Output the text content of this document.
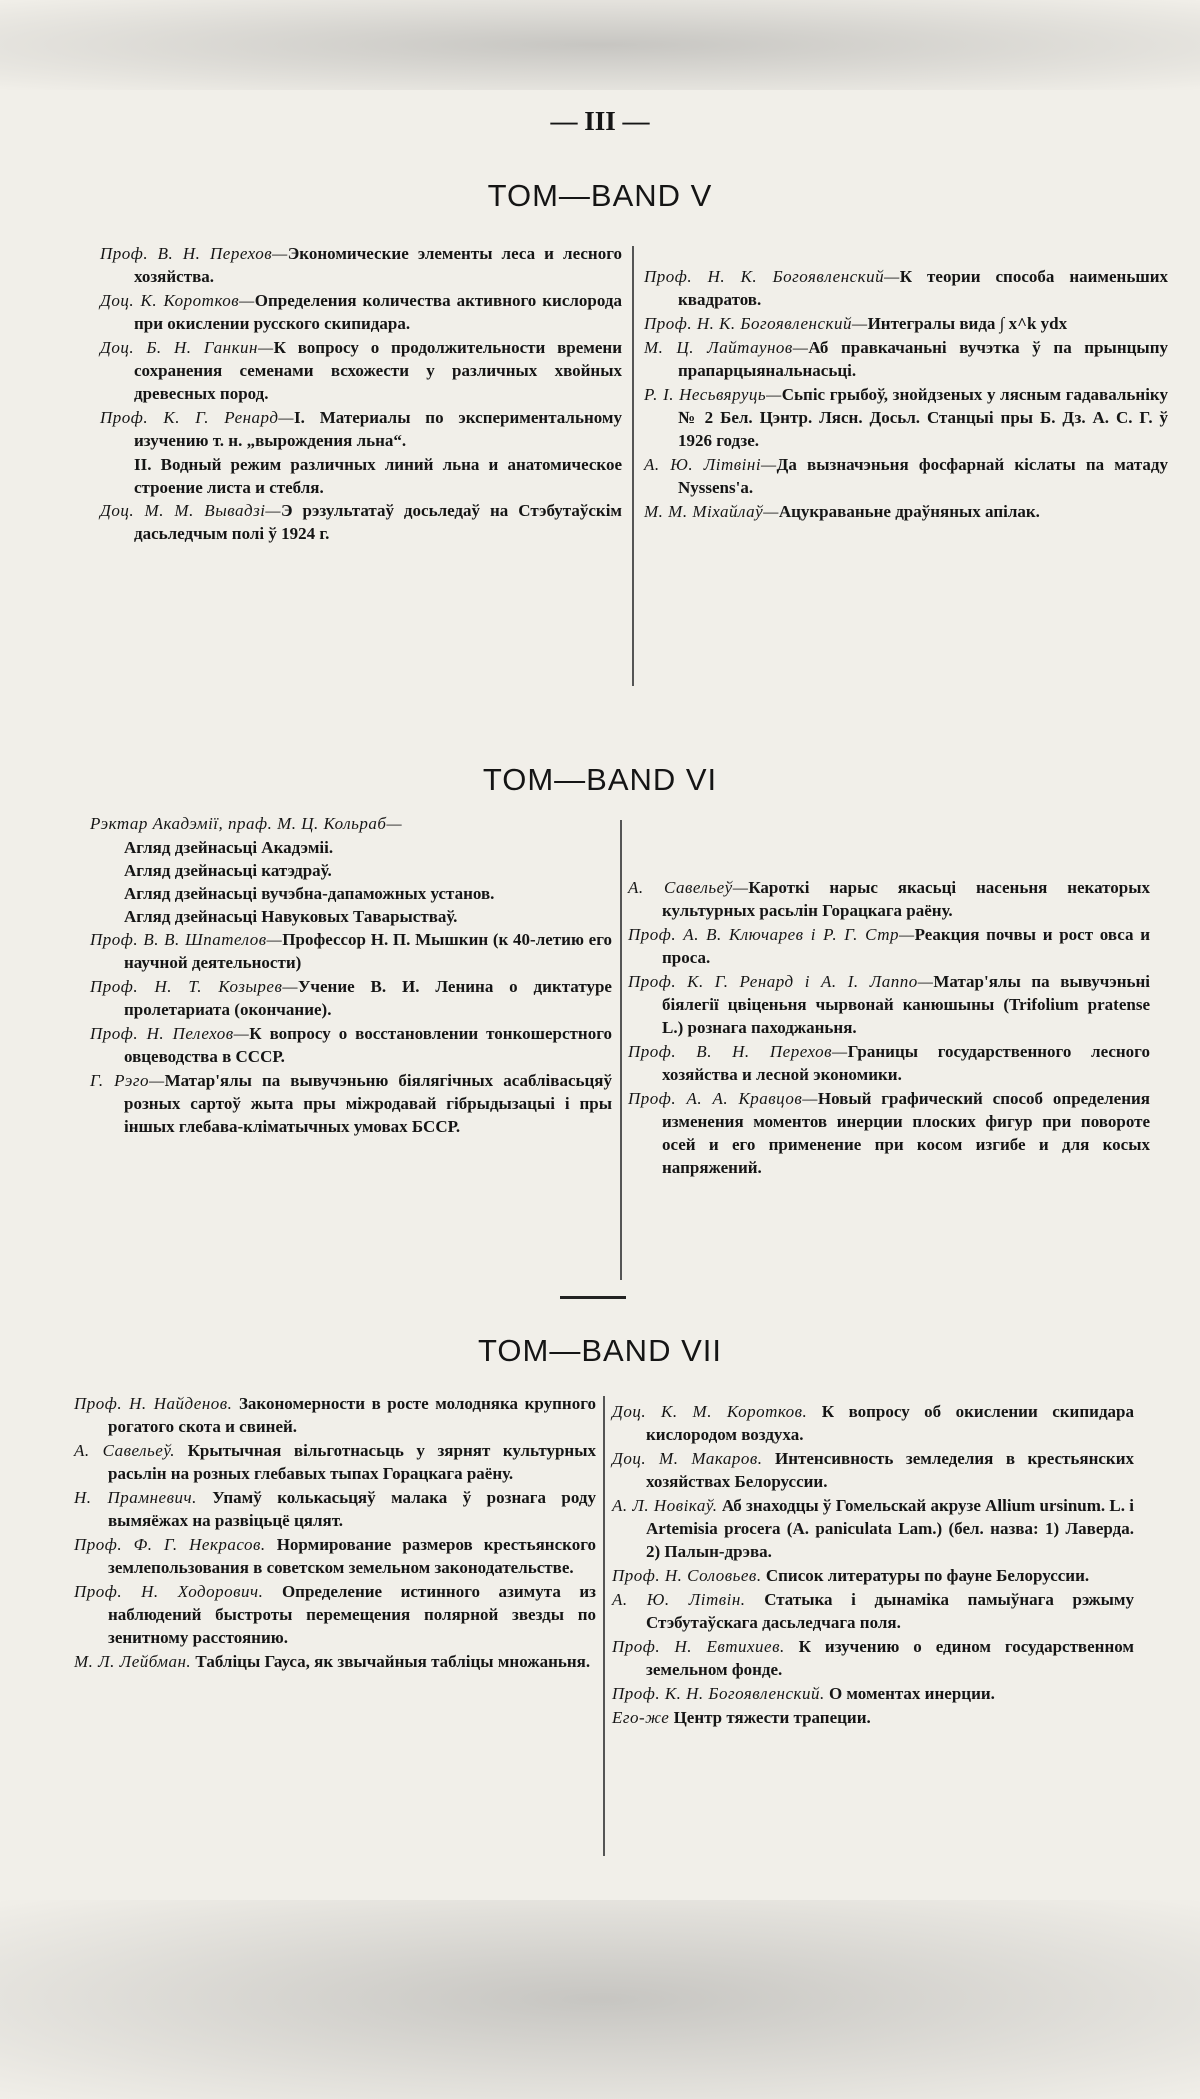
— III —
TOM—BAND V
Проф. В. Н. Перехов—Экономические элементы леса и лесного хозяйства.
Доц. К. Коротков—Определения количества активного кислорода при окислении русского скипидара.
Доц. Б. Н. Ганкин—К вопросу о продолжительности времени сохранения семенами всхожести у различных хвойных древесных пород.
Проф. К. Г. Ренард—I. Материалы по экспериментальному изучению т. н. „вырождения льна“.
II. Водный режим различных линий льна и анатомическое строение листа и стебля.
Доц. М. М. Вывадзі—Э рэзультатаў досьледаў на Стэбутаўскім дасьледчым полі ў 1924 г.
Проф. Н. К. Богоявленский—К теории способа наименьших квадратов.
Проф. Н. К. Богоявленский—Интегралы вида ∫ x^k ydx
М. Ц. Лайтаунов—Аб правкачаньні вучэтка ў па прынцыпу прапарцыянальнасьці.
Р. І. Несьвяруць—Сьпіс грыбоў, знойдзеных у лясным гадавальніку № 2 Бел. Цэнтр. Лясн. Досьл. Станцыі пры Б. Дз. А. С. Г. ў 1926 годзе.
А. Ю. Літвіні—Да вызначэньня фосфарнай кіслаты па матаду Nyssens'a.
М. М. Міхайлаў—Ацукраваньне драўняных апілак.
TOM—BAND VI
Рэктар Акадэмії, праф. М. Ц. Кольраб—
Агляд дзейнасьці Акадэміі.
Агляд дзейнасьці катэдраў.
Агляд дзейнасьці вучэбна-дапаможных установ.
Агляд дзейнасьці Навуковых Таварыстваў.
Проф. В. В. Шпателов—Профессор Н. П. Мышкин (к 40-летию его научной деятельности)
Проф. Н. Т. Козырев—Учение В. И. Ленина о диктатуре пролетариата (окончание).
Проф. Н. Пелехов—К вопросу о восстановлении тонкошерстного овцеводства в СССР.
Г. Рэго—Матар'ялы па вывучэньню біялягічных асаблівасьцяў розных сартоў жыта пры міжродавай гібрыдызацыі і пры іншых глебава-кліматычных умовах БССР.
А. Савельеў—Кароткі нарыс якасьці насеньня некаторых культурных расьлін Горацкага раёну.
Проф. А. В. Ключарев і Р. Г. Стр—Реакция почвы и рост овса и проса.
Проф. К. Г. Ренард і А. І. Лаппо—Матар'ялы па вывучэньні біялегії цвіценьня чырвонай канюшыны (Trifolium pratense L.) рознага паходжаньня.
Проф. В. Н. Перехов—Границы государственного лесного хозяйства и лесной экономики.
Проф. А. А. Кравцов—Новый графический способ определения изменения моментов инерции плоских фигур при повороте осей и его применение при косом изгибе и для косых напряжений.
TOM—BAND VII
Проф. Н. Найденов. Закономерности в росте молодняка крупного рогатого скота и свиней.
А. Савельеў. Крытычная вільготнасьць у зярнят культурных расьлін на розных глебавых тыпах Горацкага раёну.
Н. Прамневич. Упамў колькасьцяў малака ў рознага роду вымяёжах на развіцьцё цялят.
Проф. Ф. Г. Некрасов. Нормирование размеров крестьянского землепользования в советском земельном законодательстве.
Проф. Н. Ходорович. Определение истинного азимута из наблюдений быстроты перемещения полярной звезды по зенитному расстоянию.
М. Л. Лейбман. Табліцы Гауса, як звычайныя табліцы множаньня.
Доц. К. М. Коротков. К вопросу об окислении скипидара кислородом воздуха.
Доц. М. Макаров. Интенсивность земледелия в крестьянских хозяйствах Белоруссии.
А. Л. Новікаў. Аб знаходцы ў Гомельскай акрузе Allium ursinum. L. і Artemisia procera (A. paniculata Lam.) (бел. назва: 1) Лаверда. 2) Палын-дрэва.
Проф. Н. Соловьев. Список литературы по фауне Белоруссии.
А. Ю. Літвін. Статыка і дынаміка памыўнага рэжыму Стэбутаўскага дасьледчага поля.
Проф. Н. Евтихиев. К изучению о едином государственном земельном фонде.
Проф. К. Н. Богоявленский. О моментах инерции.
Его-же Центр тяжести трапеции.
